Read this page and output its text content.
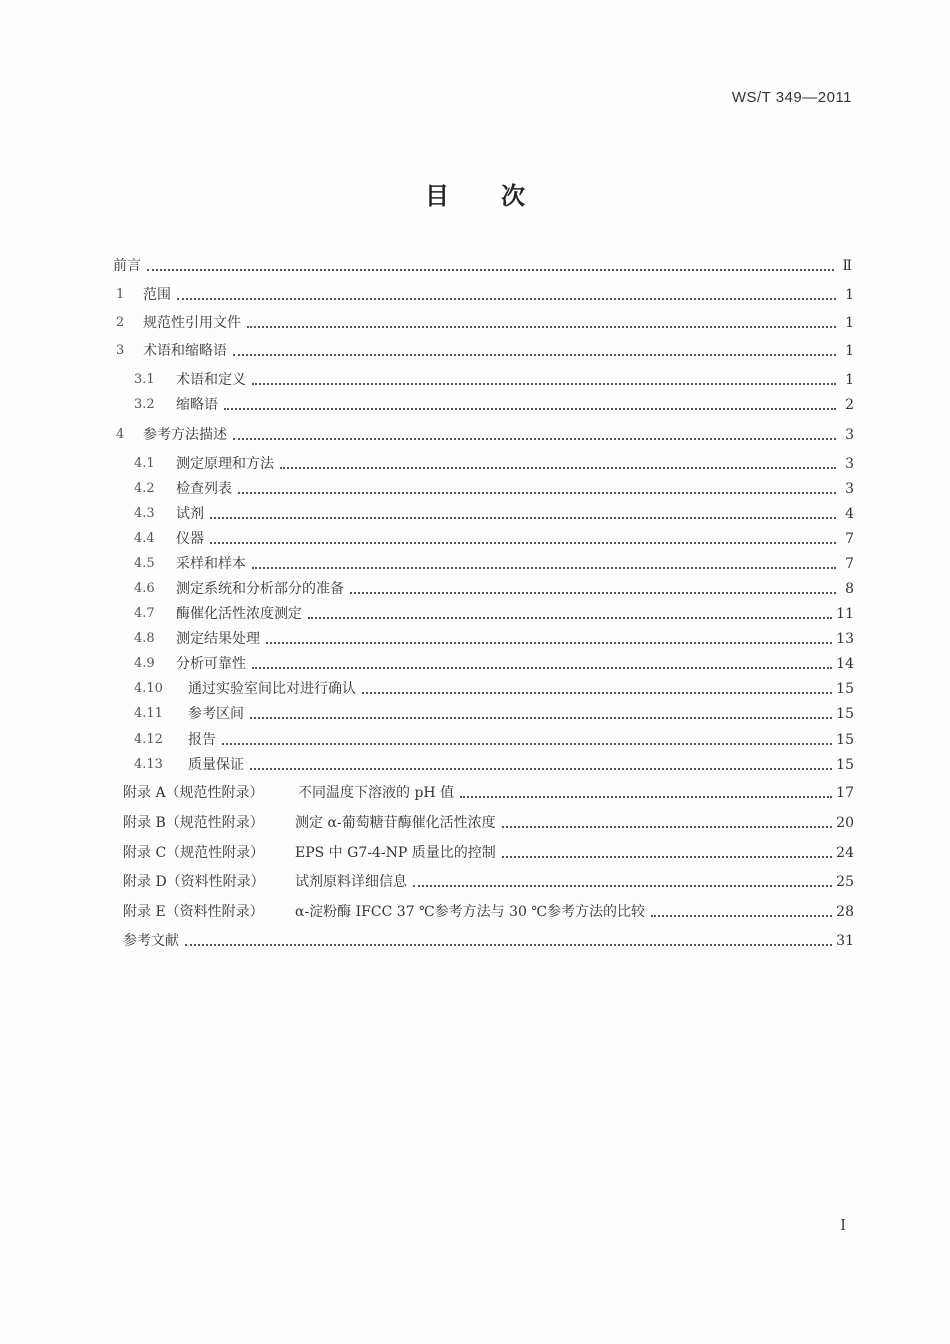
WS/T 349—2011
目 次
前言	Ⅱ
1	范围	1
2	规范性引用文件	1
3	术语和缩略语	1
3.1	术语和定义	1
3.2	缩略语	2
4	参考方法描述	3
4.1	测定原理和方法	3
4.2	检查列表	3
4.3	试剂	4
4.4	仪器	7
4.5	采样和样本	7
4.6	测定系统和分析部分的准备	8
4.7	酶催化活性浓度测定	11
4.8	测定结果处理	13
4.9	分析可靠性	14
4.10	通过实验室间比对进行确认	15
4.11	参考区间	15
4.12	报告	15
4.13	质量保证	15
附录 A（规范性附录）	不同温度下溶液的 pH 值	17
附录 B（规范性附录）	测定 α-葡萄糖苷酶催化活性浓度	20
附录 C（规范性附录）	EPS 中 G7-4-NP 质量比的控制	24
附录 D（资料性附录）	试剂原料详细信息	25
附录 E（资料性附录）	α-淀粉酶 IFCC 37 ℃参考方法与 30 ℃参考方法的比较	28
参考文献	31
I
